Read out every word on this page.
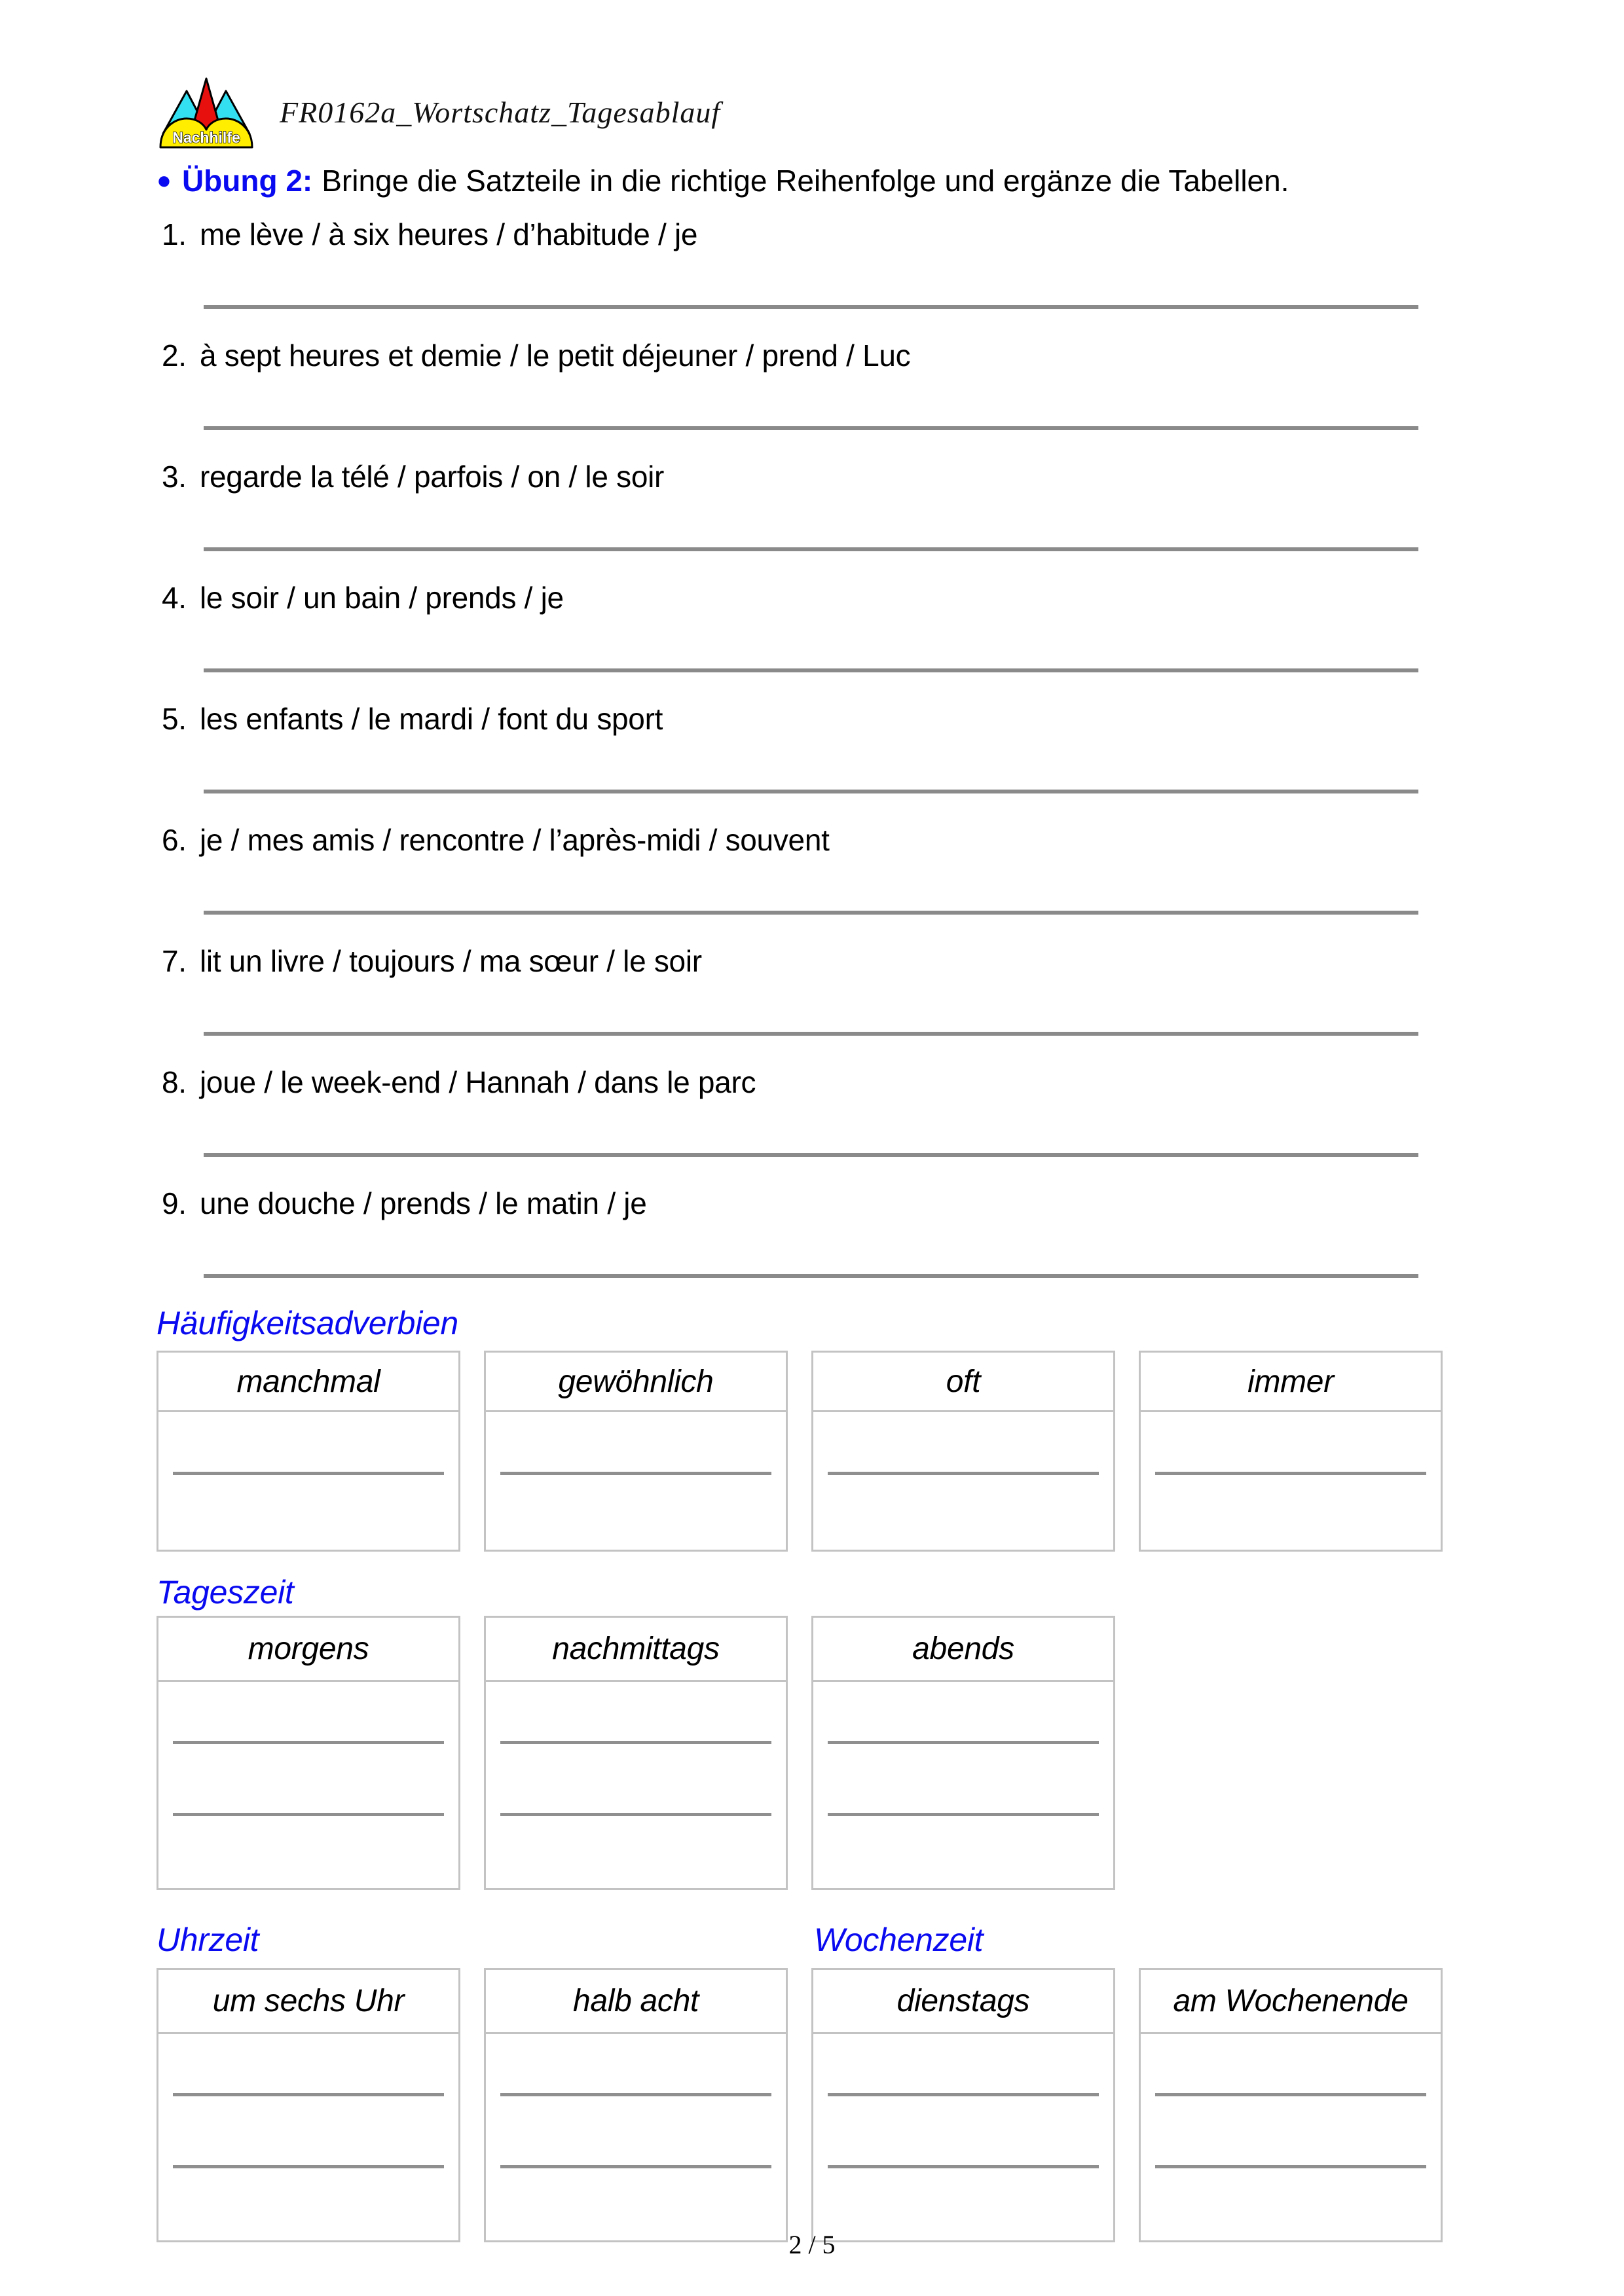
Nachhilfe
FR0162a_Wortschatz_Tagesablauf
● Übung 2: Bringe die Satzteile in die richtige Reihenfolge und ergänze die Tabellen.
1. me lève / à six heures / d’habitude / je
2. à sept heures et demie / le petit déjeuner / prend / Luc
3. regarde la télé / parfois / on / le soir
4. le soir / un bain / prends / je
5. les enfants / le mardi / font du sport
6. je / mes amis / rencontre / l’après-midi / souvent
7. lit un livre / toujours / ma sœur / le soir
8. joue / le week-end / Hannah / dans le parc
9. une douche / prends / le matin / je
Häufigkeitsadverbien
manchmal	gewöhnlich	oft	immer
Tageszeit
morgens	nachmittags	abends
Uhrzeit	Wochenzeit
um sechs Uhr	halb acht	dienstags	am Wochenende
2 / 5
